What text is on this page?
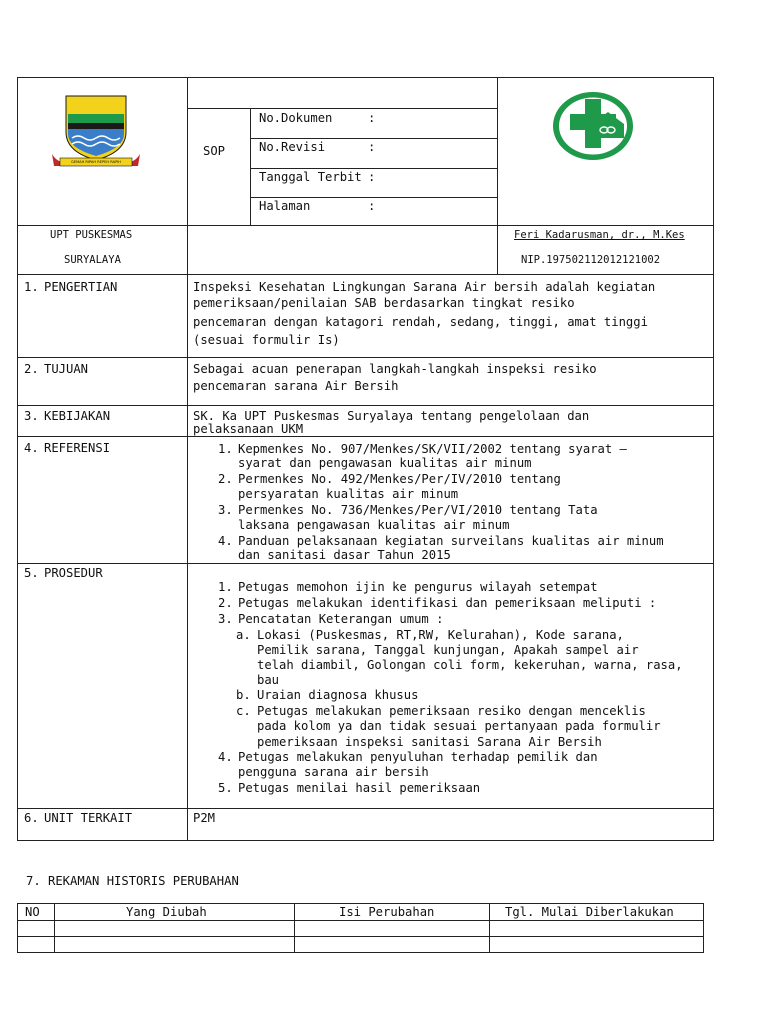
GEMAH RIPAH REPEH RAPIH
SOP
No.Dokumen	:
No.Revisi	:
Tanggal Terbit :
Halaman	:
UPT PUSKESMAS
SURYALAYA
Feri Kadarusman, dr., M.Kes
NIP.197502112012121002
1. PENGERTIAN	Inspeksi Kesehatan Lingkungan Sarana Air bersih adalah kegiatan
pemeriksaan/penilaian SAB berdasarkan tingkat resiko
pencemaran dengan katagori rendah, sedang, tinggi, amat tinggi
(sesuai formulir Is)
2. TUJUAN	Sebagai acuan penerapan langkah-langkah inspeksi resiko
pencemaran sarana Air Bersih
3. KEBIJAKAN	SK. Ka UPT Puskesmas Suryalaya tentang pengelolaan dan
pelaksanaan UKM
4. REFERENSI	1. Kepmenkes No. 907/Menkes/SK/VII/2002 tentang syarat –
syarat dan pengawasan kualitas air minum
2. Permenkes No. 492/Menkes/Per/IV/2010 tentang
persyaratan kualitas air minum
3. Permenkes No. 736/Menkes/Per/VI/2010 tentang Tata
laksana pengawasan kualitas air minum
4. Panduan pelaksanaan kegiatan surveilans kualitas air minum
dan sanitasi dasar Tahun 2015
5. PROSEDUR
1. Petugas memohon ijin ke pengurus wilayah setempat
2. Petugas melakukan identifikasi dan pemeriksaan meliputi :
3. Pencatatan Keterangan umum :
a. Lokasi (Puskesmas, RT,RW, Kelurahan), Kode sarana,
Pemilik sarana, Tanggal kunjungan, Apakah sampel air
telah diambil, Golongan coli form, kekeruhan, warna, rasa,
bau
b. Uraian diagnosa khusus
c. Petugas melakukan pemeriksaan resiko dengan menceklis
pada kolom ya dan tidak sesuai pertanyaan pada formulir
pemeriksaan inspeksi sanitasi Sarana Air Bersih
4. Petugas melakukan penyuluhan terhadap pemilik dan
pengguna sarana air bersih
5. Petugas menilai hasil pemeriksaan
6. UNIT TERKAIT	P2M
7. REKAMAN HISTORIS PERUBAHAN
NO	Yang Diubah	Isi Perubahan	Tgl. Mulai Diberlakukan
